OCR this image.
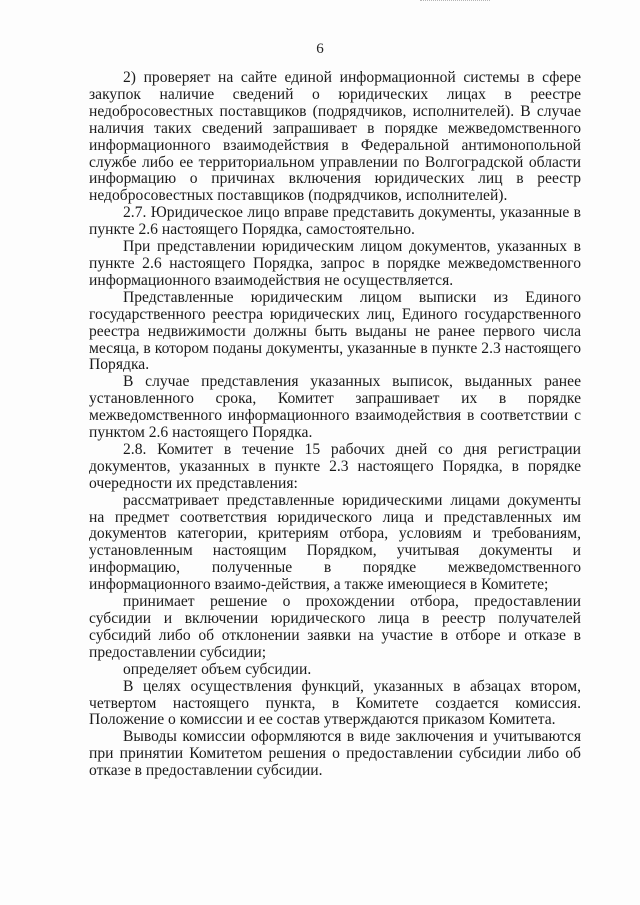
6

2) проверяет на сайте единой информационной системы в сфере закупок наличие сведений о юридических лицах в реестре недобросовестных поставщиков (подрядчиков, исполнителей). В случае наличия таких сведений запрашивает в порядке межведомственного информационного взаимодействия в Федеральной антимонопольной службе либо ее территориальном управлении по Волгоградской области информацию о причинах включения юридических лиц в реестр недобросовестных поставщиков (подрядчиков, исполнителей).

2.7. Юридическое лицо вправе представить документы, указанные в пункте 2.6 настоящего Порядка, самостоятельно.

При представлении юридическим лицом документов, указанных в пункте 2.6 настоящего Порядка, запрос в порядке межведомственного информационного взаимодействия не осуществляется.

Представленные юридическим лицом выписки из Единого государственного реестра юридических лиц, Единого государственного реестра недвижимости должны быть выданы не ранее первого числа месяца, в котором поданы документы, указанные в пункте 2.3 настоящего Порядка.

В случае представления указанных выписок, выданных ранее установленного срока, Комитет запрашивает их в порядке межведомственного информационного взаимодействия в соответствии с пунктом 2.6 настоящего Порядка.

2.8. Комитет в течение 15 рабочих дней со дня регистрации документов, указанных в пункте 2.3 настоящего Порядка, в порядке очередности их представления:

рассматривает представленные юридическими лицами документы на предмет соответствия юридического лица и представленных им документов категории, критериям отбора, условиям и требованиям, установленным настоящим Порядком, учитывая документы и информацию, полученные в порядке межведомственного информационного взаимо-действия, а также имеющиеся в Комитете;

принимает решение о прохождении отбора, предоставлении субсидии и включении юридического лица в реестр получателей субсидий либо об отклонении заявки на участие в отборе и отказе в предоставлении субсидии;

определяет объем субсидии.

В целях осуществления функций, указанных в абзацах втором, четвертом настоящего пункта, в Комитете создается комиссия. Положение о комиссии и ее состав утверждаются приказом Комитета.

Выводы комиссии оформляются в виде заключения и учитываются при принятии Комитетом решения о предоставлении субсидии либо об отказе в предоставлении субсидии.
